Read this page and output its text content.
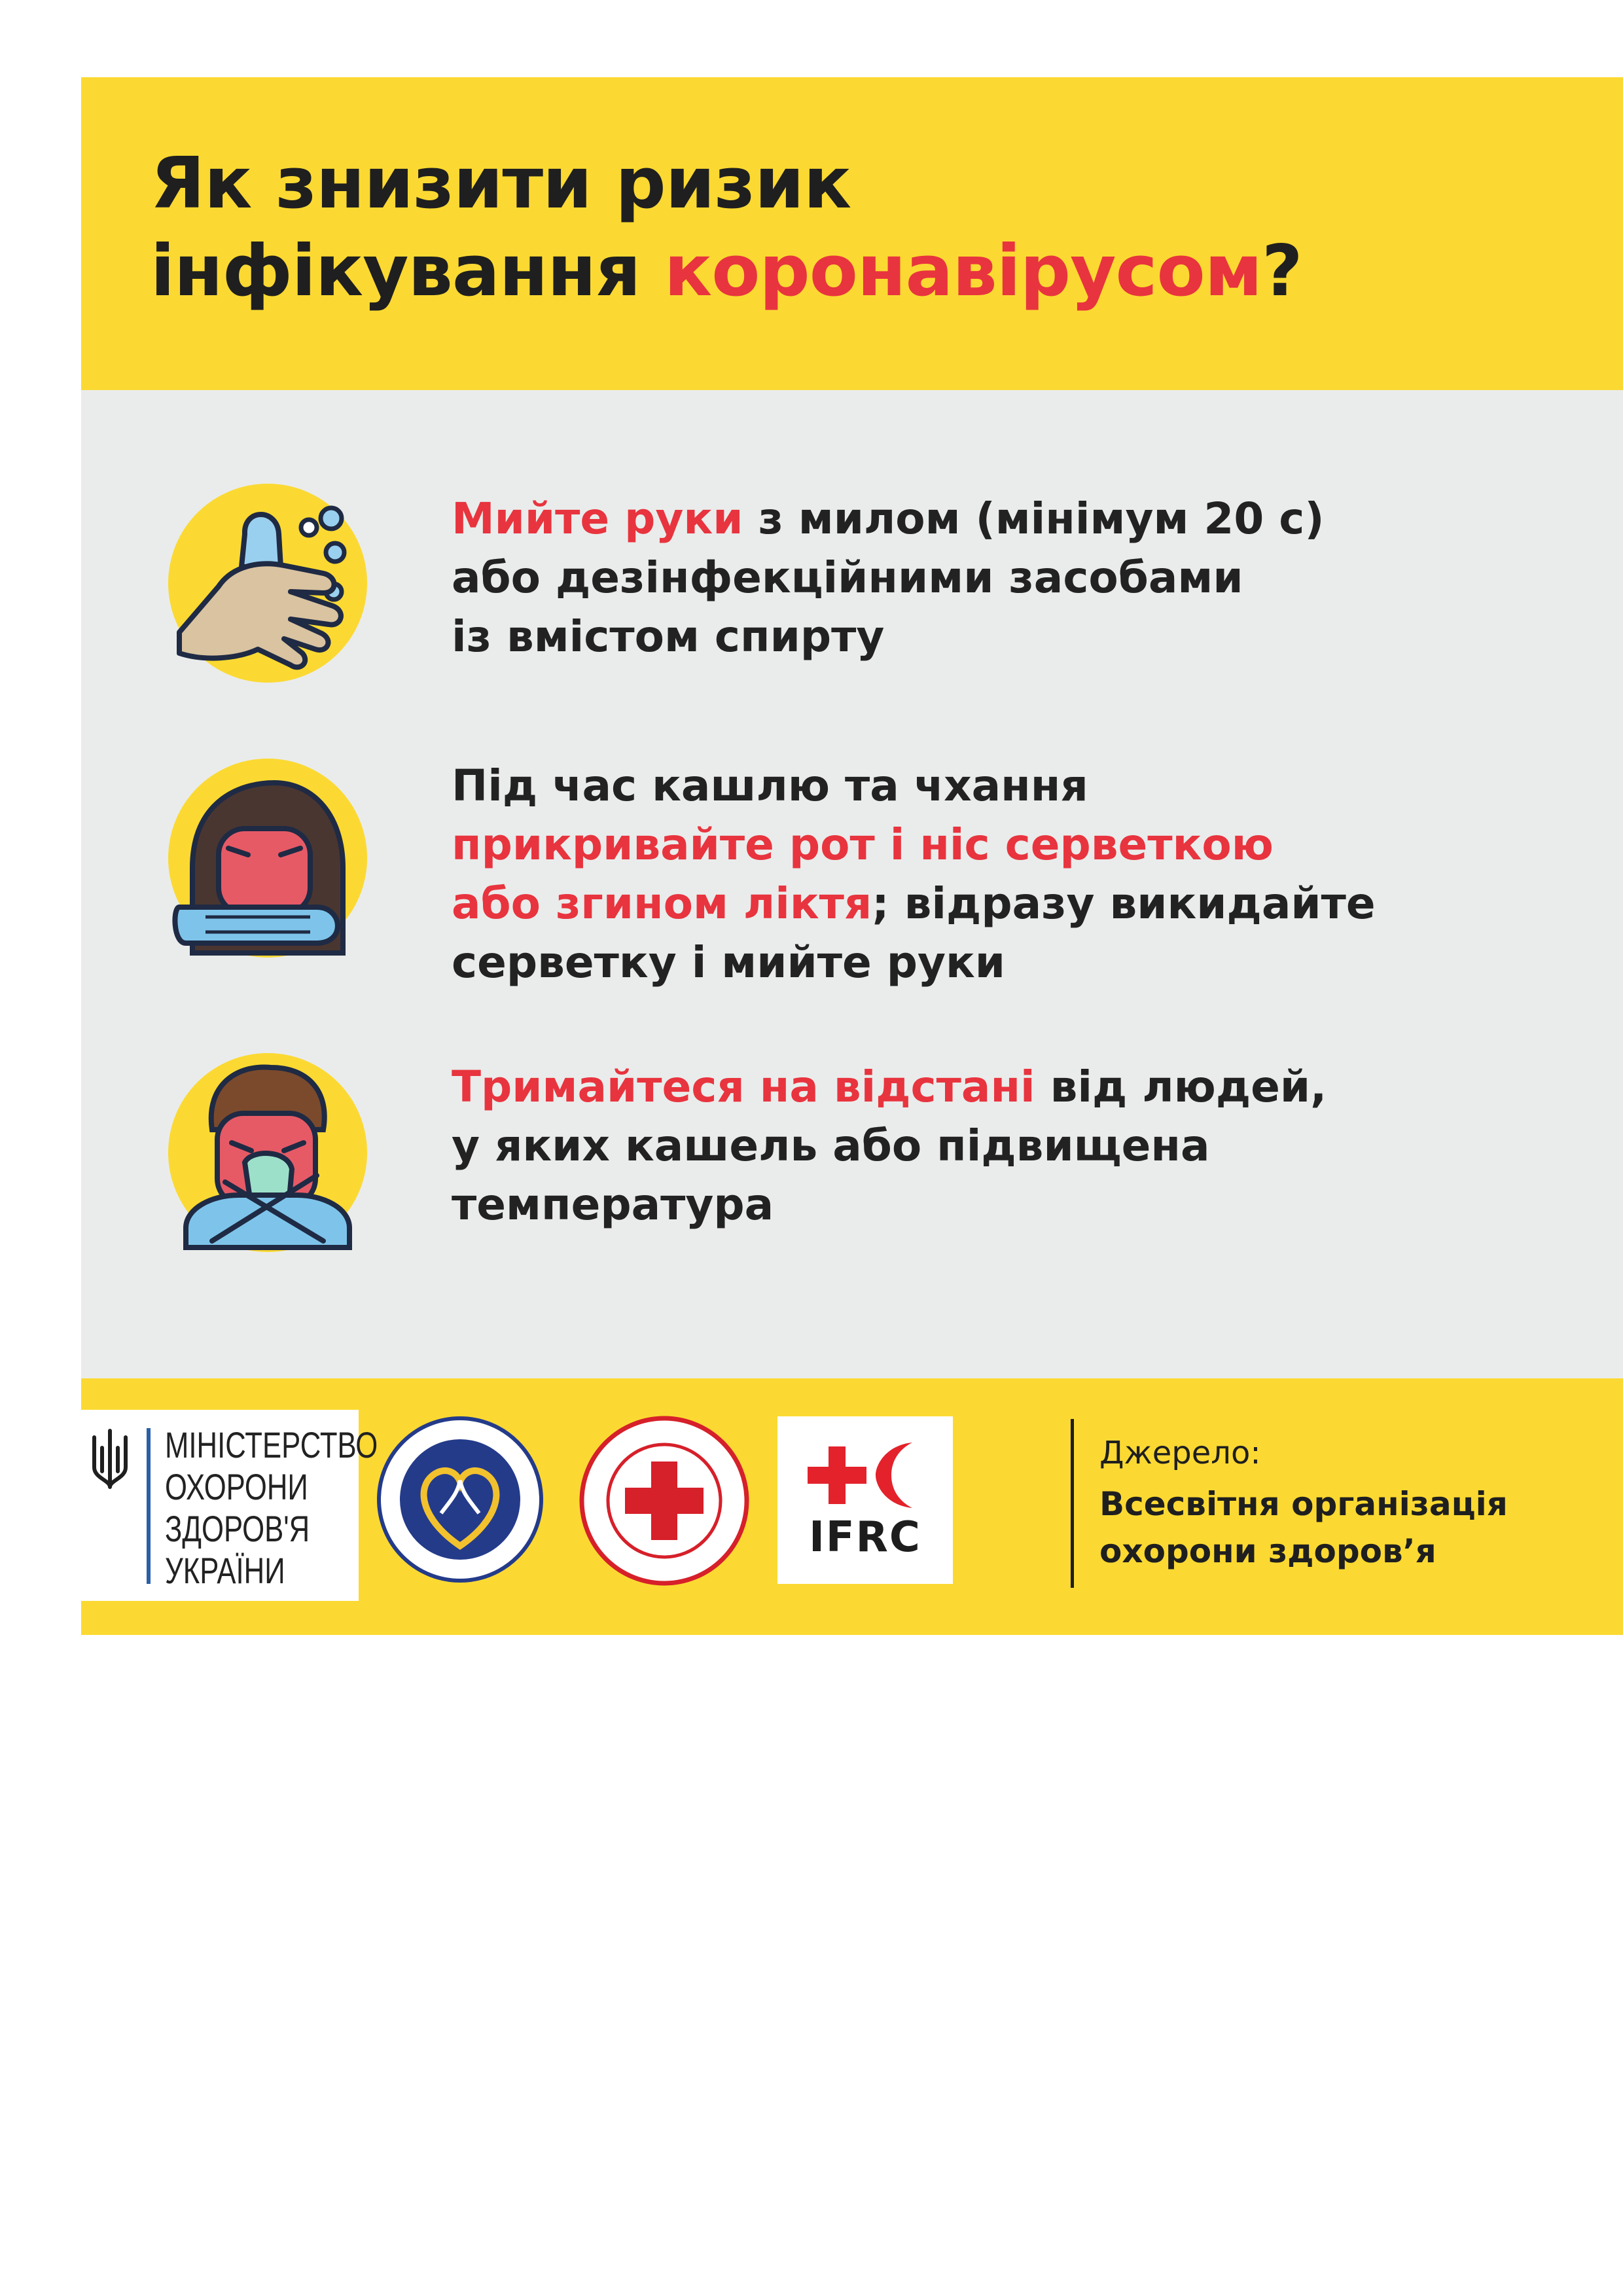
Як знизити ризик
інфікування коронавірусом?

Мийте руки з милом (мінімум 20 с)
або дезінфекційними засобами
із вмістом спирту

Під час кашлю та чхання
прикривайте рот і ніс серветкою
або згином ліктя; відразу викидайте
серветку і мийте руки

Тримайтеся на відстані від людей,
у яких кашель або підвищена
температура

МІНІСТЕРСТВО
ОХОРОНИ
ЗДОРОВ'Я
УКРАЇНИ

IFRC

Джерело:

Всесвітня організація
охорони здоров’я
